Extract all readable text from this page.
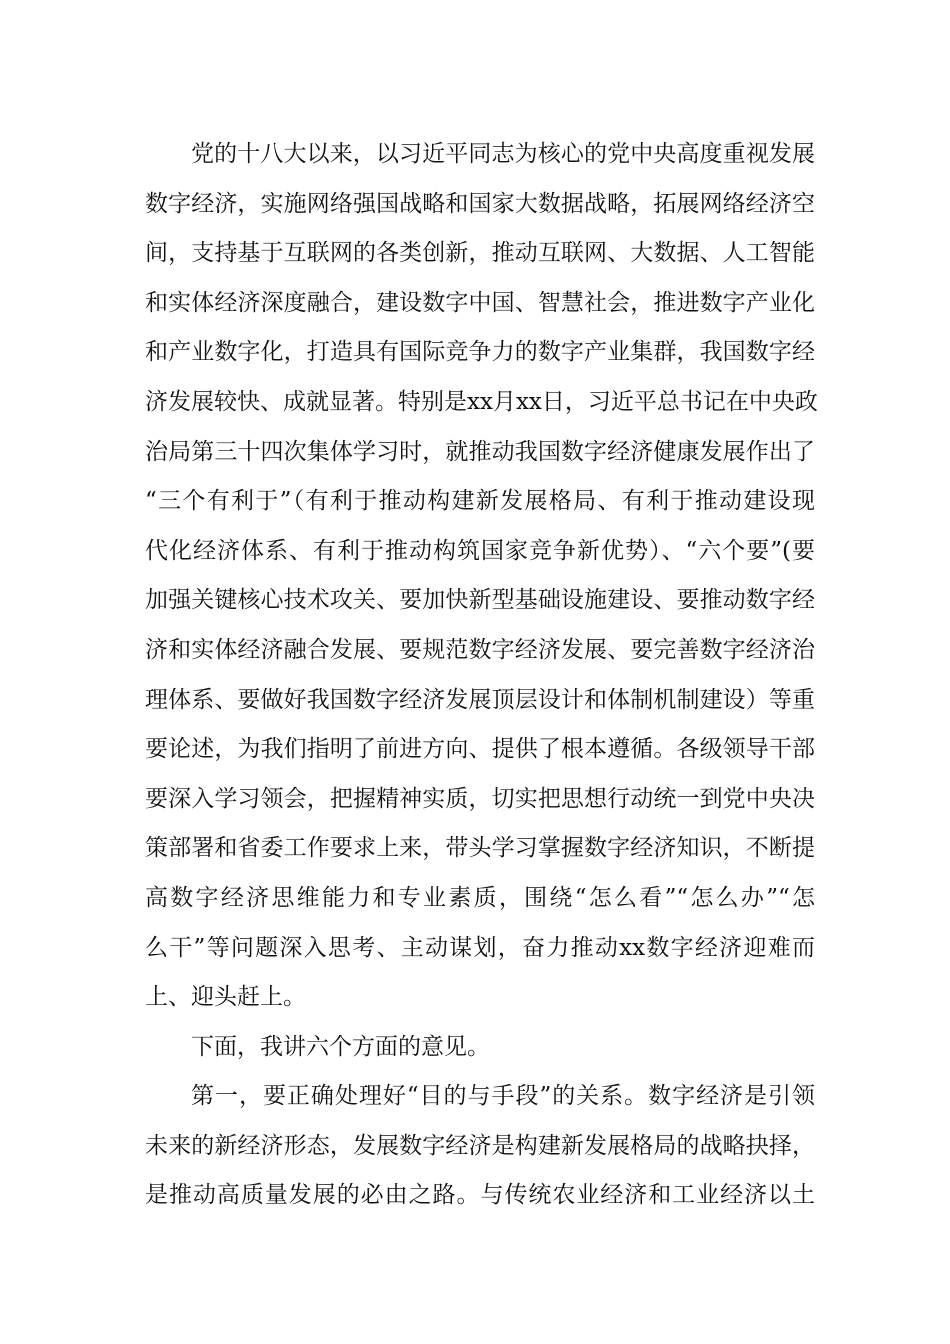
党的十八大以来，以习近平同志为核心的党中央高度重视发展
数字经济，实施网络强国战略和国家大数据战略，拓展网络经济空
间，支持基于互联网的各类创新，推动互联网、大数据、人工智能
和实体经济深度融合，建设数字中国、智慧社会，推进数字产业化
和产业数字化，打造具有国际竞争力的数字产业集群，我国数字经
济发展较快、成就显著。特别是xx月xx日，习近平总书记在中央政
治局第三十四次集体学习时，就推动我国数字经济健康发展作出了
“三个有利于”（有利于推动构建新发展格局、有利于推动建设现
代化经济体系、有利于推动构筑国家竞争新优势）、“六个要”(要
加强关键核心技术攻关、要加快新型基础设施建设、要推动数字经
济和实体经济融合发展、要规范数字经济发展、要完善数字经济治
理体系、要做好我国数字经济发展顶层设计和体制机制建设）等重
要论述，为我们指明了前进方向、提供了根本遵循。各级领导干部
要深入学习领会，把握精神实质，切实把思想行动统一到党中央决
策部署和省委工作要求上来，带头学习掌握数字经济知识，不断提
高数字经济思维能力和专业素质，围绕“怎么看”“怎么办”“怎
么干”等问题深入思考、主动谋划，奋力推动xx数字经济迎难而
上、迎头赶上。
下面，我讲六个方面的意见。
第一，要正确处理好“目的与手段”的关系。数字经济是引领
未来的新经济形态，发展数字经济是构建新发展格局的战略抉择，
是推动高质量发展的必由之路。与传统农业经济和工业经济以土
